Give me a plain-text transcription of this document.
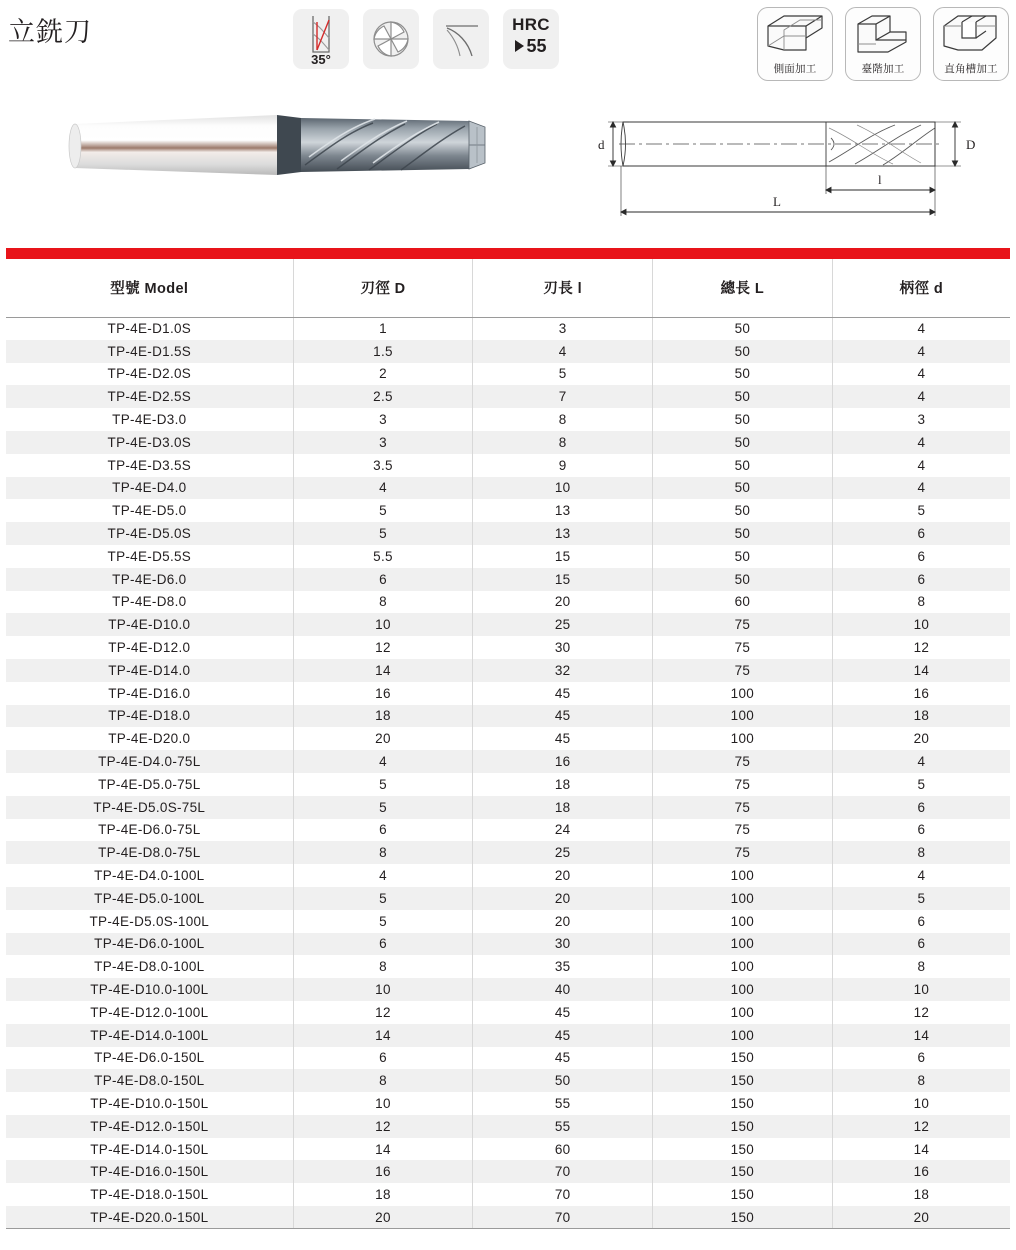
立銑刀
35°
HRC
55
側面加工	臺階加工	直角槽加工
d	D
l
L
型號 Model	刃徑 D	刃長 l	總長 L	柄徑 d
TP-4E-D1.0S	1	3	50	4
TP-4E-D1.5S	1.5	4	50	4
TP-4E-D2.0S	2	5	50	4
TP-4E-D2.5S	2.5	7	50	4
TP-4E-D3.0	3	8	50	3
TP-4E-D3.0S	3	8	50	4
TP-4E-D3.5S	3.5	9	50	4
TP-4E-D4.0	4	10	50	4
TP-4E-D5.0	5	13	50	5
TP-4E-D5.0S	5	13	50	6
TP-4E-D5.5S	5.5	15	50	6
TP-4E-D6.0	6	15	50	6
TP-4E-D8.0	8	20	60	8
TP-4E-D10.0	10	25	75	10
TP-4E-D12.0	12	30	75	12
TP-4E-D14.0	14	32	75	14
TP-4E-D16.0	16	45	100	16
TP-4E-D18.0	18	45	100	18
TP-4E-D20.0	20	45	100	20
TP-4E-D4.0-75L	4	16	75	4
TP-4E-D5.0-75L	5	18	75	5
TP-4E-D5.0S-75L	5	18	75	6
TP-4E-D6.0-75L	6	24	75	6
TP-4E-D8.0-75L	8	25	75	8
TP-4E-D4.0-100L	4	20	100	4
TP-4E-D5.0-100L	5	20	100	5
TP-4E-D5.0S-100L	5	20	100	6
TP-4E-D6.0-100L	6	30	100	6
TP-4E-D8.0-100L	8	35	100	8
TP-4E-D10.0-100L	10	40	100	10
TP-4E-D12.0-100L	12	45	100	12
TP-4E-D14.0-100L	14	45	100	14
TP-4E-D6.0-150L	6	45	150	6
TP-4E-D8.0-150L	8	50	150	8
TP-4E-D10.0-150L	10	55	150	10
TP-4E-D12.0-150L	12	55	150	12
TP-4E-D14.0-150L	14	60	150	14
TP-4E-D16.0-150L	16	70	150	16
TP-4E-D18.0-150L	18	70	150	18
TP-4E-D20.0-150L	20	70	150	20
